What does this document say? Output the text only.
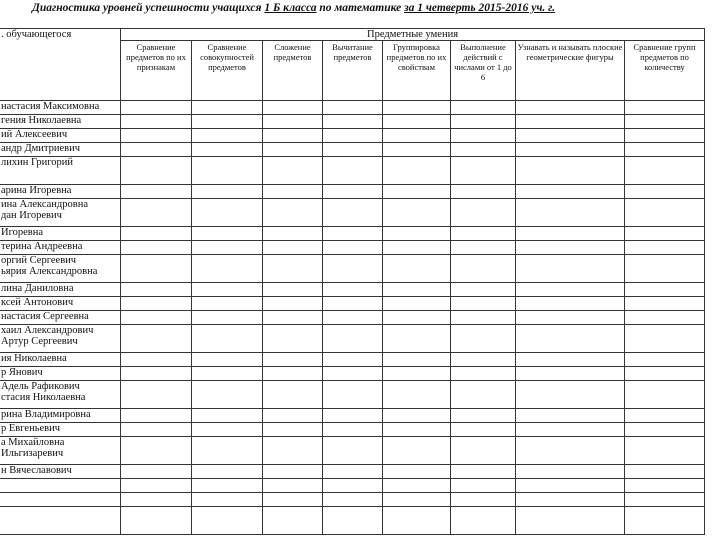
Диагностика уровней успешности учащихся 1 Б класса по математике за 1 четверть 2015-2016 уч. г.
. обучающегося	Предметные умения							
	Сравнение предметов по их признакам	Сравнение совокупностей предметов	Сложение предметов	Вычитание предметов	Группировка предметов по их свойствам	Выполнение действий с числами от 1 до 6	Узнавать и называть плоские геометрические фигуры	Сравнение групп предметов по количеству

настасия Максимовна								

гения Николаевна								

ий Алексеевич								

андр Дмитриевич								

лихин Григорий								

арина Игоревна								

ина Александровна
дан Игоревич								

Игоревна								

терина Андреевна								

оргий Сергеевич
ьярия Александровна								

лина Даниловна								

ксей Антонович								

настасия Сергеевна								

хаил Александрович
Артур Сергеевич								

ия Николаевна								

р Янович								

Адель Рафикович
стасия Николаевна								

рина Владимировна								

р Евгеньевич								

а Михайловна
Ильгизаревич								

н Вячеславович								
